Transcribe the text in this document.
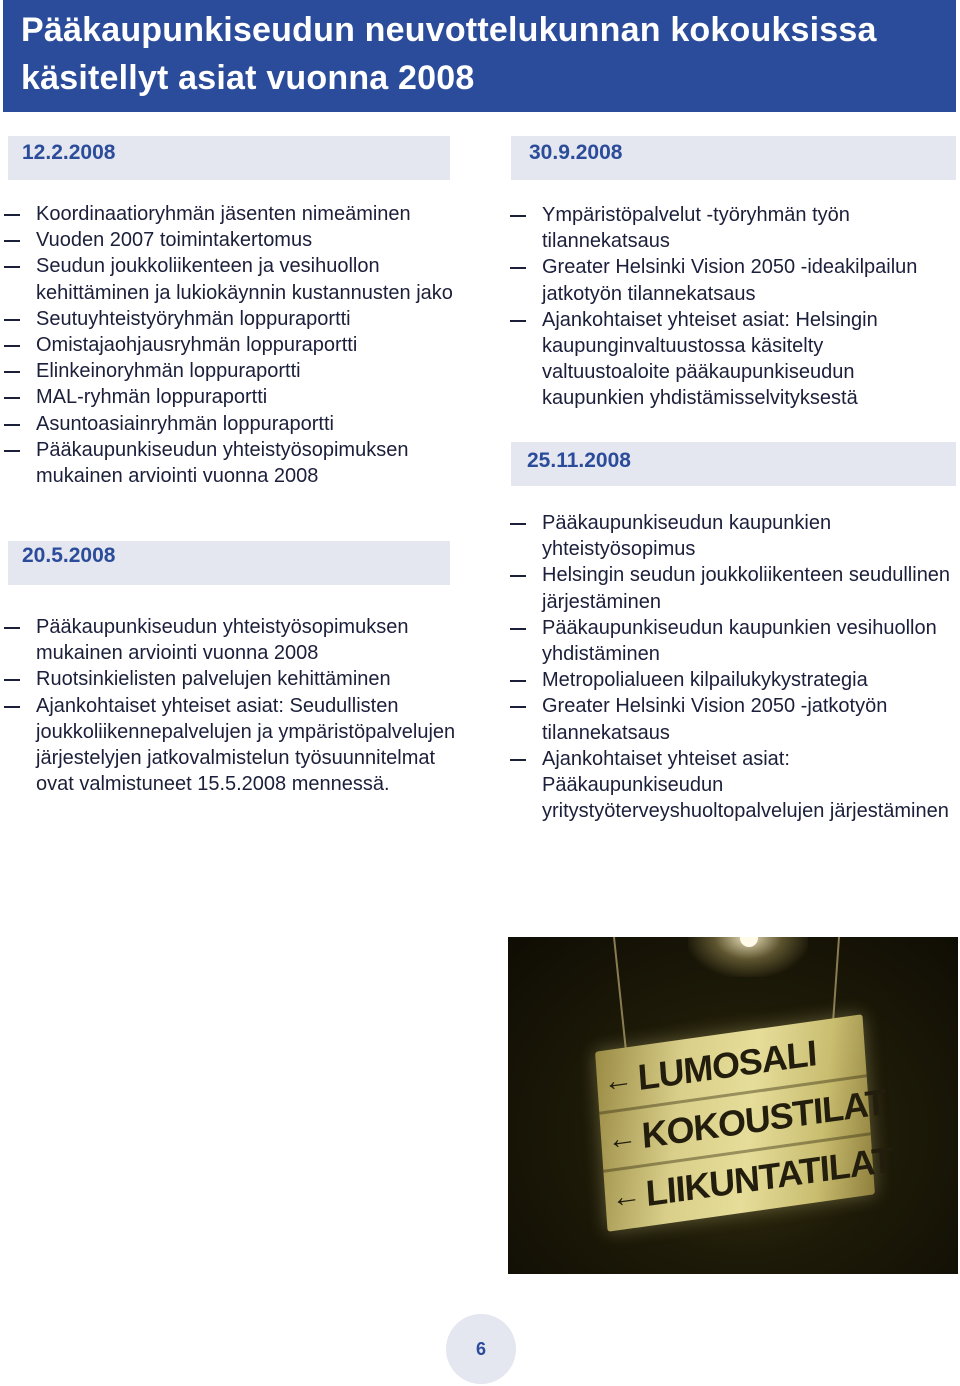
Pääkaupunkiseudun neuvottelukunnan kokouksissa
käsitellyt asiat vuonna 2008
12.2.2008
Koordinaatioryhmän jäsenten nimeäminen
Vuoden 2007 toimintakertomus
Seudun joukkoliikenteen ja vesihuollon kehittäminen ja lukiokäynnin kustannusten jako
Seutuyhteistyöryhmän loppuraportti
Omistajaohjausryhmän loppuraportti
Elinkeinoryhmän loppuraportti
MAL-ryhmän loppuraportti
Asuntoasiainryhmän loppuraportti
Pääkaupunkiseudun yhteistyösopimuksen mukainen arviointi vuonna 2008
20.5.2008
Pääkaupunkiseudun yhteistyösopimuksen mukainen arviointi vuonna 2008
Ruotsinkielisten palvelujen kehittäminen
Ajankohtaiset yhteiset asiat: Seudullisten joukkoliikennepalvelujen ja ympäristöpalvelujen järjestelyjen jatkovalmistelun työsuunnitelmat ovat valmistuneet 15.5.2008 mennessä.
30.9.2008
Ympäristöpalvelut -työryhmän työn tilannekatsaus
Greater Helsinki Vision 2050 -ideakilpailun jatkotyön tilannekatsaus
Ajankohtaiset yhteiset asiat: Helsingin kaupunginvaltuustossa käsitelty valtuustoaloite pääkaupunkiseudun kaupunkien yhdistämisselvityksestä
25.11.2008
Pääkaupunkiseudun kaupunkien yhteistyösopimus
Helsingin seudun joukkoliikenteen seudullinen järjestäminen
Pääkaupunkiseudun kaupunkien vesihuollon yhdistäminen
Metropolialueen kilpailukykystrategia
Greater Helsinki Vision 2050 -jatkotyön tilannekatsaus
Ajankohtaiset yhteiset asiat: Pääkaupunkiseudun yritystyöterveyshuoltopalvelujen järjestäminen
← LUMOSALI
← KOKOUSTILAT
← LIIKUNTATILAT
6
